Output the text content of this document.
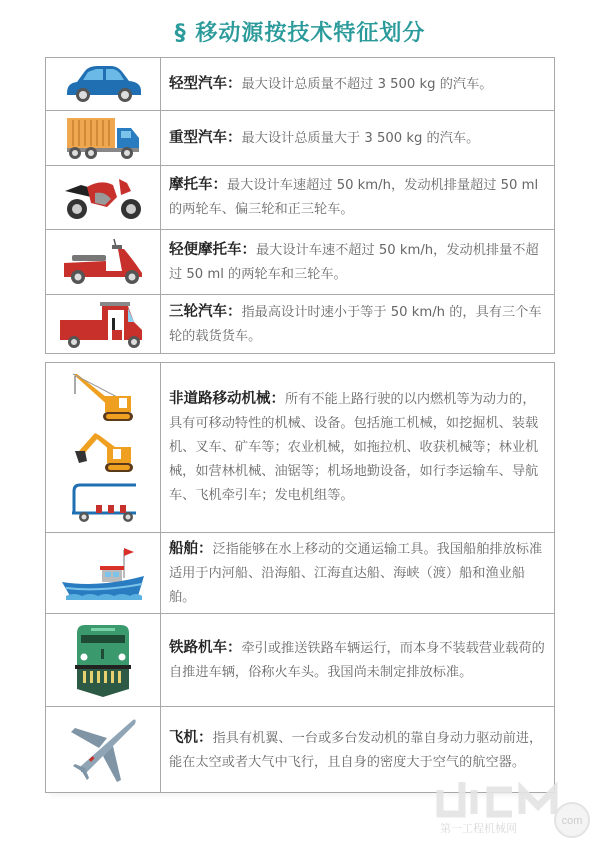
§ 移动源按技术特征划分
轻型汽车：最大设计总质量不超过 3 500 kg 的汽车。
重型汽车：最大设计总质量大于 3 500 kg 的汽车。
摩托车：最大设计车速超过 50 km/h，发动机排量超过 50 ml 的两轮车、偏三轮和正三轮车。
轻便摩托车：最大设计车速不超过 50 km/h，发动机排量不超过 50 ml 的两轮车和三轮车。
三轮汽车：指最高设计时速小于等于 50 km/h 的，具有三个车轮的载货货车。
非道路移动机械：所有不能上路行驶的以内燃机等为动力的，具有可移动特性的机械、设备。包括施工机械，如挖掘机、装载机、叉车、矿车等；农业机械，如拖拉机、收获机械等；林业机械，如营林机械、油锯等；机场地勤设备，如行李运输车、导航车、飞机牵引车；发电机组等。
船舶：泛指能够在水上移动的交通运输工具。我国船舶排放标准适用于内河船、沿海船、江海直达船、海峡（渡）船和渔业船舶。
铁路机车：牵引或推送铁路车辆运行，而本身不装载营业载荷的自推进车辆，俗称火车头。我国尚未制定排放标准。
飞机：指具有机翼、一台或多台发动机的靠自身动力驱动前进，能在太空或者大气中飞行，且自身的密度大于空气的航空器。
com
第一工程机械网
